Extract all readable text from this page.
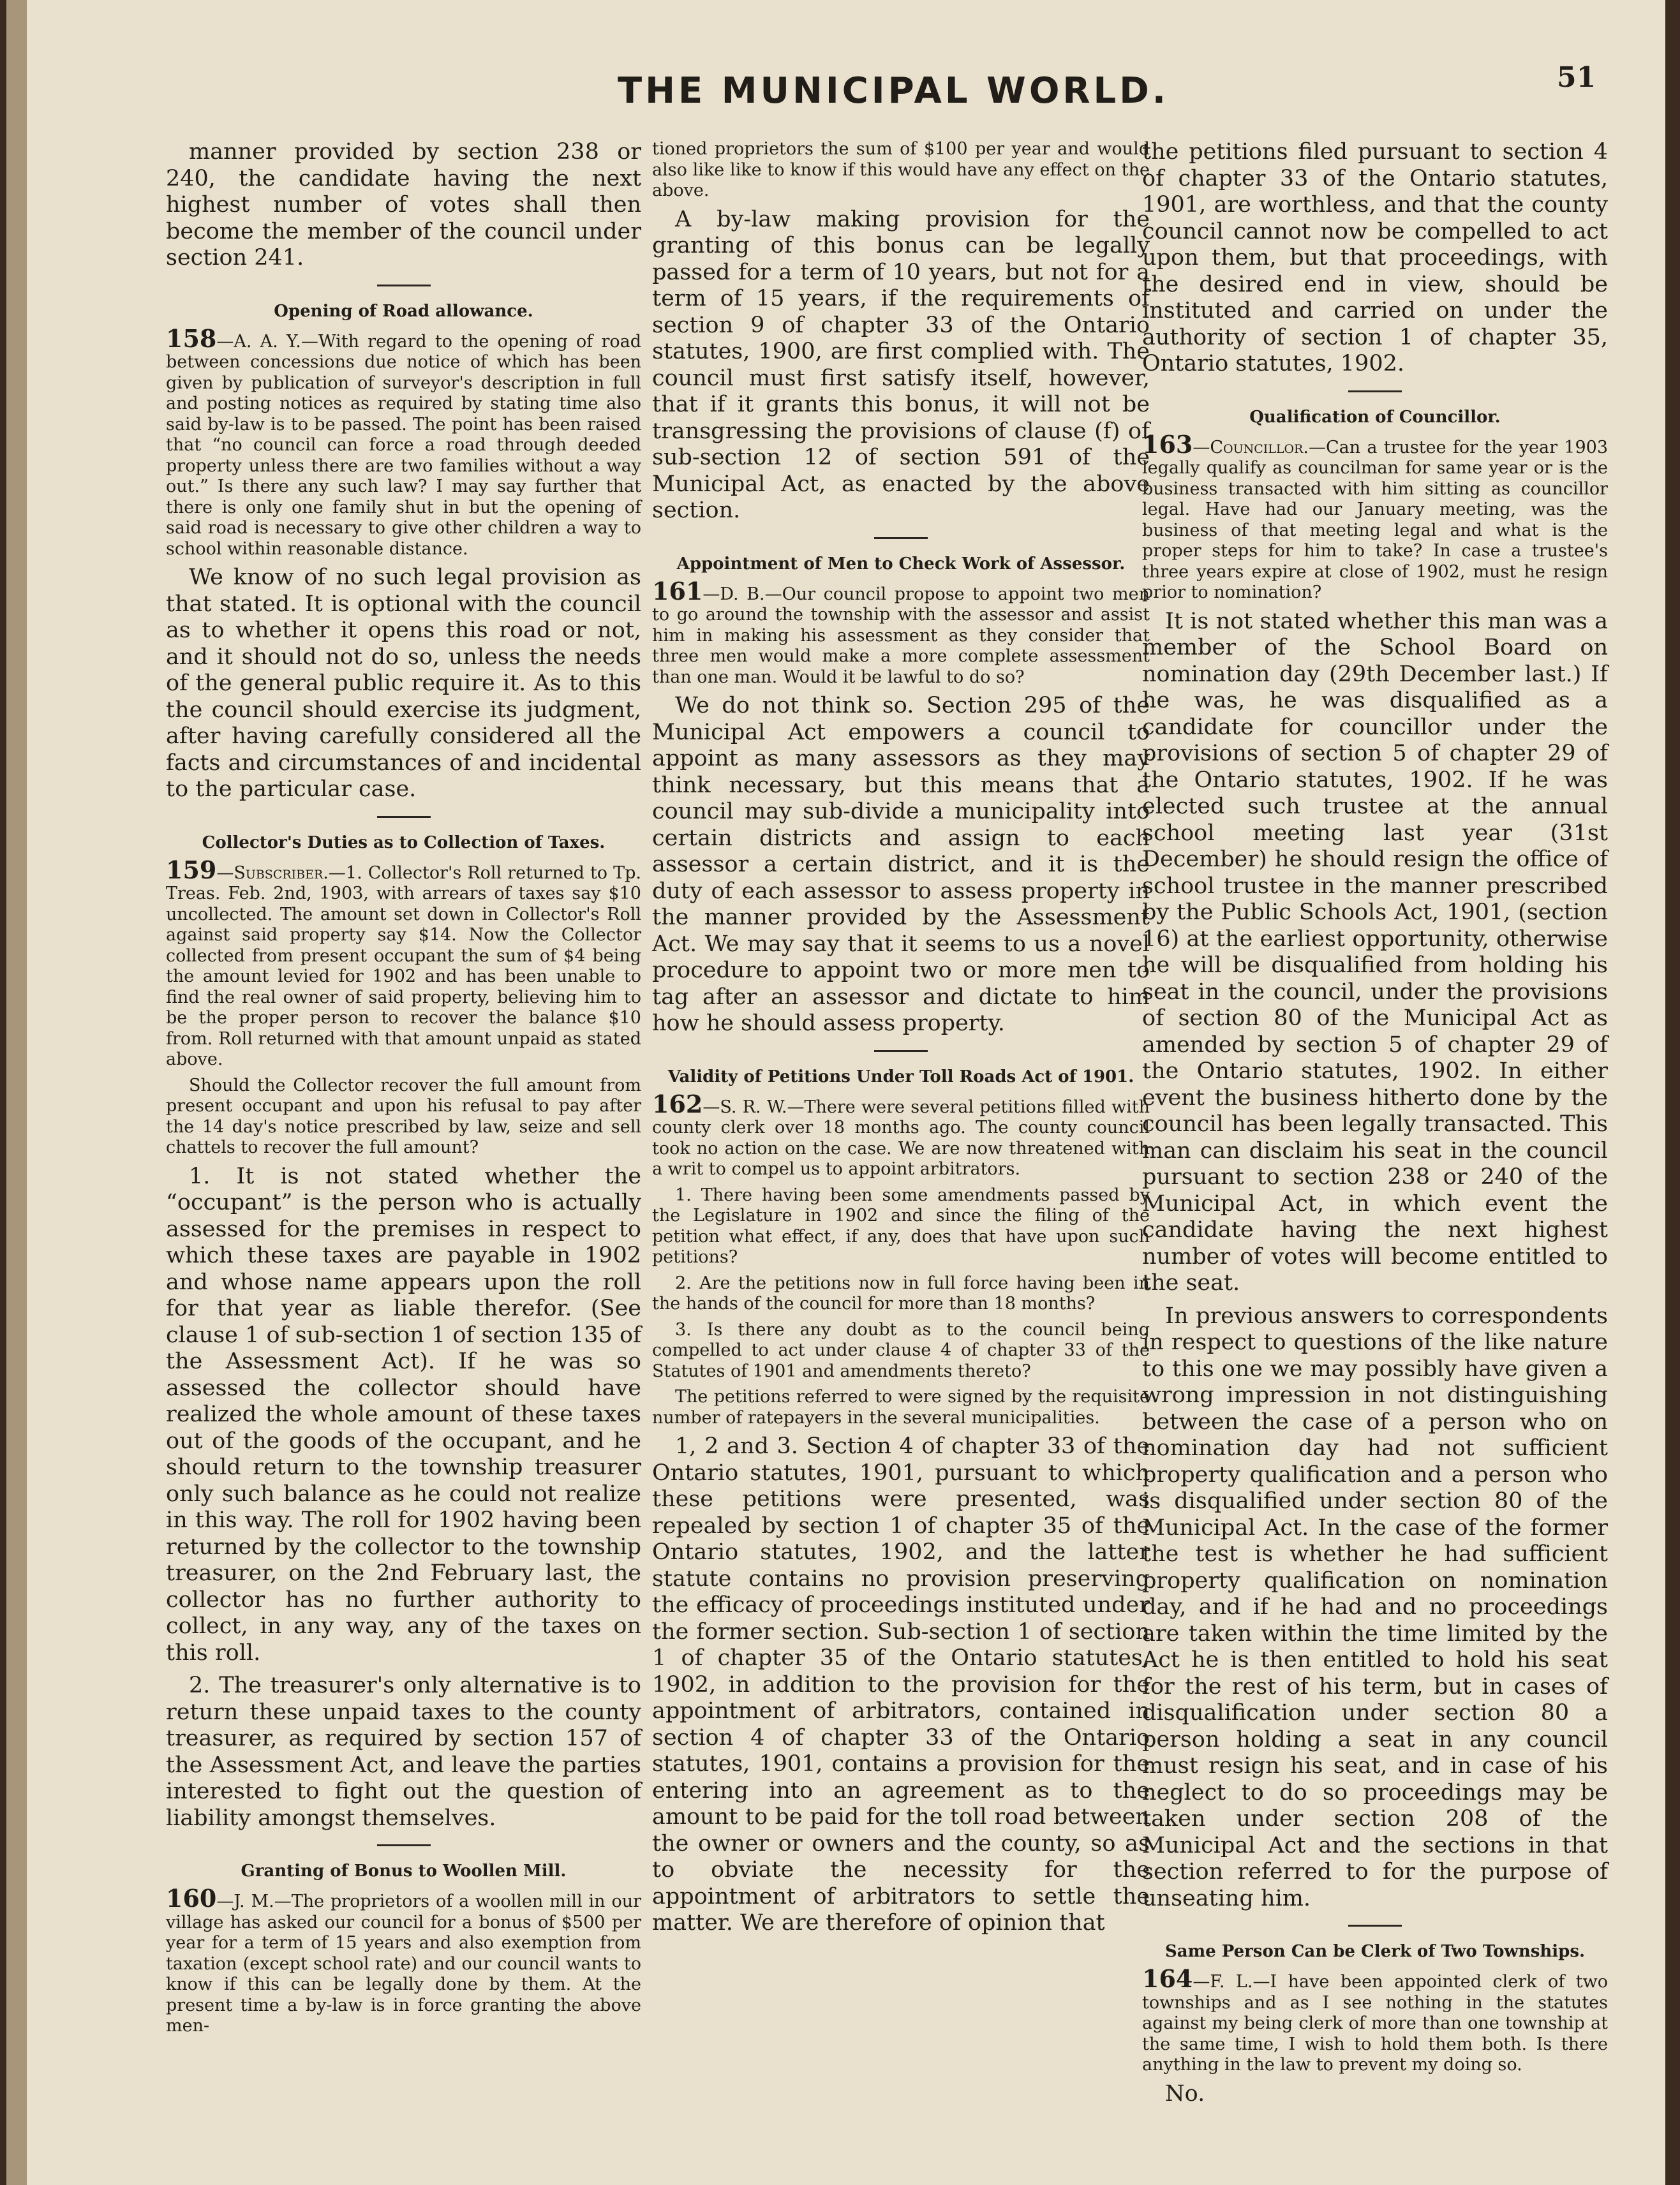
THE MUNICIPAL WORLD.	51

manner provided by section 238 or 240, the candidate having the next highest number of votes shall then become the member of the council under section 241.

Opening of Road allowance.

158—A. A. Y.—With regard to the opening of road between concessions due notice of which has been given by publication of surveyor's description in full and posting notices as required by stating time also said by-law is to be passed. The point has been raised that “no council can force a road through deeded property unless there are two families without a way out.” Is there any such law? I may say further that there is only one family shut in but the opening of said road is necessary to give other children a way to school within reasonable distance.

We know of no such legal provision as that stated. It is optional with the council as to whether it opens this road or not, and it should not do so, unless the needs of the general public require it. As to this the council should exercise its judgment, after having carefully considered all the facts and circumstances of and incidental to the particular case.

Collector's Duties as to Collection of Taxes.

159—Subscriber.—1. Collector's Roll returned to Tp. Treas. Feb. 2nd, 1903, with arrears of taxes say $10 uncollected. The amount set down in Collector's Roll against said property say $14. Now the Collector collected from present occupant the sum of $4 being the amount levied for 1902 and has been unable to find the real owner of said property, believing him to be the proper person to recover the balance $10 from. Roll returned with that amount unpaid as stated above.

Should the Collector recover the full amount from present occupant and upon his refusal to pay after the 14 day's notice prescribed by law, seize and sell chattels to recover the full amount?

1. It is not stated whether the “occupant” is the person who is actually assessed for the premises in respect to which these taxes are payable in 1902 and whose name appears upon the roll for that year as liable therefor. (See clause 1 of sub-section 1 of section 135 of the Assessment Act). If he was so assessed the collector should have realized the whole amount of these taxes out of the goods of the occupant, and he should return to the township treasurer only such balance as he could not realize in this way. The roll for 1902 having been returned by the collector to the township treasurer, on the 2nd February last, the collector has no further authority to collect, in any way, any of the taxes on this roll.

2. The treasurer's only alternative is to return these unpaid taxes to the county treasurer, as required by section 157 of the Assessment Act, and leave the parties interested to fight out the question of liability amongst themselves.

Granting of Bonus to Woollen Mill.

160—J. M.—The proprietors of a woollen mill in our village has asked our council for a bonus of $500 per year for a term of 15 years and also exemption from taxation (except school rate) and our council wants to know if this can be legally done by them. At the present time a by-law is in force granting the above men-

tioned proprietors the sum of $100 per year and would also like like to know if this would have any effect on the above.

A by-law making provision for the granting of this bonus can be legally passed for a term of 10 years, but not for a term of 15 years, if the requirements of section 9 of chapter 33 of the Ontario statutes, 1900, are first complied with. The council must first satisfy itself, however, that if it grants this bonus, it will not be transgressing the provisions of clause (f) of sub-section 12 of section 591 of the Municipal Act, as enacted by the above section.

Appointment of Men to Check Work of Assessor.

161—D. B.—Our council propose to appoint two men to go around the township with the assessor and assist him in making his assessment as they consider that three men would make a more complete assessment than one man. Would it be lawful to do so?

We do not think so. Section 295 of the Municipal Act empowers a council to appoint as many assessors as they may think necessary, but this means that a council may sub-divide a municipality into certain districts and assign to each assessor a certain district, and it is the duty of each assessor to assess property in the manner provided by the Assessment Act. We may say that it seems to us a novel procedure to appoint two or more men to tag after an assessor and dictate to him how he should assess property.

Validity of Petitions Under Toll Roads Act of 1901.

162—S. R. W.—There were several petitions filled with county clerk over 18 months ago. The county council took no action on the case. We are now threatened with a writ to compel us to appoint arbitrators.

1. There having been some amendments passed by the Legislature in 1902 and since the filing of the petition what effect, if any, does that have upon such petitions?

2. Are the petitions now in full force having been in the hands of the council for more than 18 months?

3. Is there any doubt as to the council being compelled to act under clause 4 of chapter 33 of the Statutes of 1901 and amendments thereto?

The petitions referred to were signed by the requisite number of ratepayers in the several municipalities.

1, 2 and 3. Section 4 of chapter 33 of the Ontario statutes, 1901, pursuant to which these petitions were presented, was repealed by section 1 of chapter 35 of the Ontario statutes, 1902, and the latter statute contains no provision preserving the efficacy of proceedings instituted under the former section. Sub-section 1 of section 1 of chapter 35 of the Ontario statutes, 1902, in addition to the provision for the appointment of arbitrators, contained in section 4 of chapter 33 of the Ontario statutes, 1901, contains a provision for the entering into an agreement as to the amount to be paid for the toll road between the owner or owners and the county, so as to obviate the necessity for the appointment of arbitrators to settle the matter. We are therefore of opinion that

the petitions filed pursuant to section 4 of chapter 33 of the Ontario statutes, 1901, are worthless, and that the county council cannot now be compelled to act upon them, but that proceedings, with the desired end in view, should be instituted and carried on under the authority of section 1 of chapter 35, Ontario statutes, 1902.

Qualification of Councillor.

163—Councillor.—Can a trustee for the year 1903 legally qualify as councilman for same year or is the business transacted with him sitting as councillor legal. Have had our January meeting, was the business of that meeting legal and what is the proper steps for him to take? In case a trustee's three years expire at close of 1902, must he resign prior to nomination?

It is not stated whether this man was a member of the School Board on nomination day (29th December last.) If he was, he was disqualified as a candidate for councillor under the provisions of section 5 of chapter 29 of the Ontario statutes, 1902. If he was elected such trustee at the annual school meeting last year (31st December) he should resign the office of school trustee in the manner prescribed by the Public Schools Act, 1901, (section 16) at the earliest opportunity, otherwise he will be disqualified from holding his seat in the council, under the provisions of section 80 of the Municipal Act as amended by section 5 of chapter 29 of the Ontario statutes, 1902. In either event the business hitherto done by the council has been legally transacted. This man can disclaim his seat in the council pursuant to section 238 or 240 of the Municipal Act, in which event the candidate having the next highest number of votes will become entitled to the seat.

In previous answers to correspondents in respect to questions of the like nature to this one we may possibly have given a wrong impression in not distinguishing between the case of a person who on nomination day had not sufficient property qualification and a person who is disqualified under section 80 of the Municipal Act. In the case of the former the test is whether he had sufficient property qualification on nomination day, and if he had and no proceedings are taken within the time limited by the Act he is then entitled to hold his seat for the rest of his term, but in cases of disqualification under section 80 a person holding a seat in any council must resign his seat, and in case of his neglect to do so proceedings may be taken under section 208 of the Municipal Act and the sections in that section referred to for the purpose of unseating him.

Same Person Can be Clerk of Two Townships.

164—F. L.—I have been appointed clerk of two townships and as I see nothing in the statutes against my being clerk of more than one township at the same time, I wish to hold them both. Is there anything in the law to prevent my doing so.

No.
